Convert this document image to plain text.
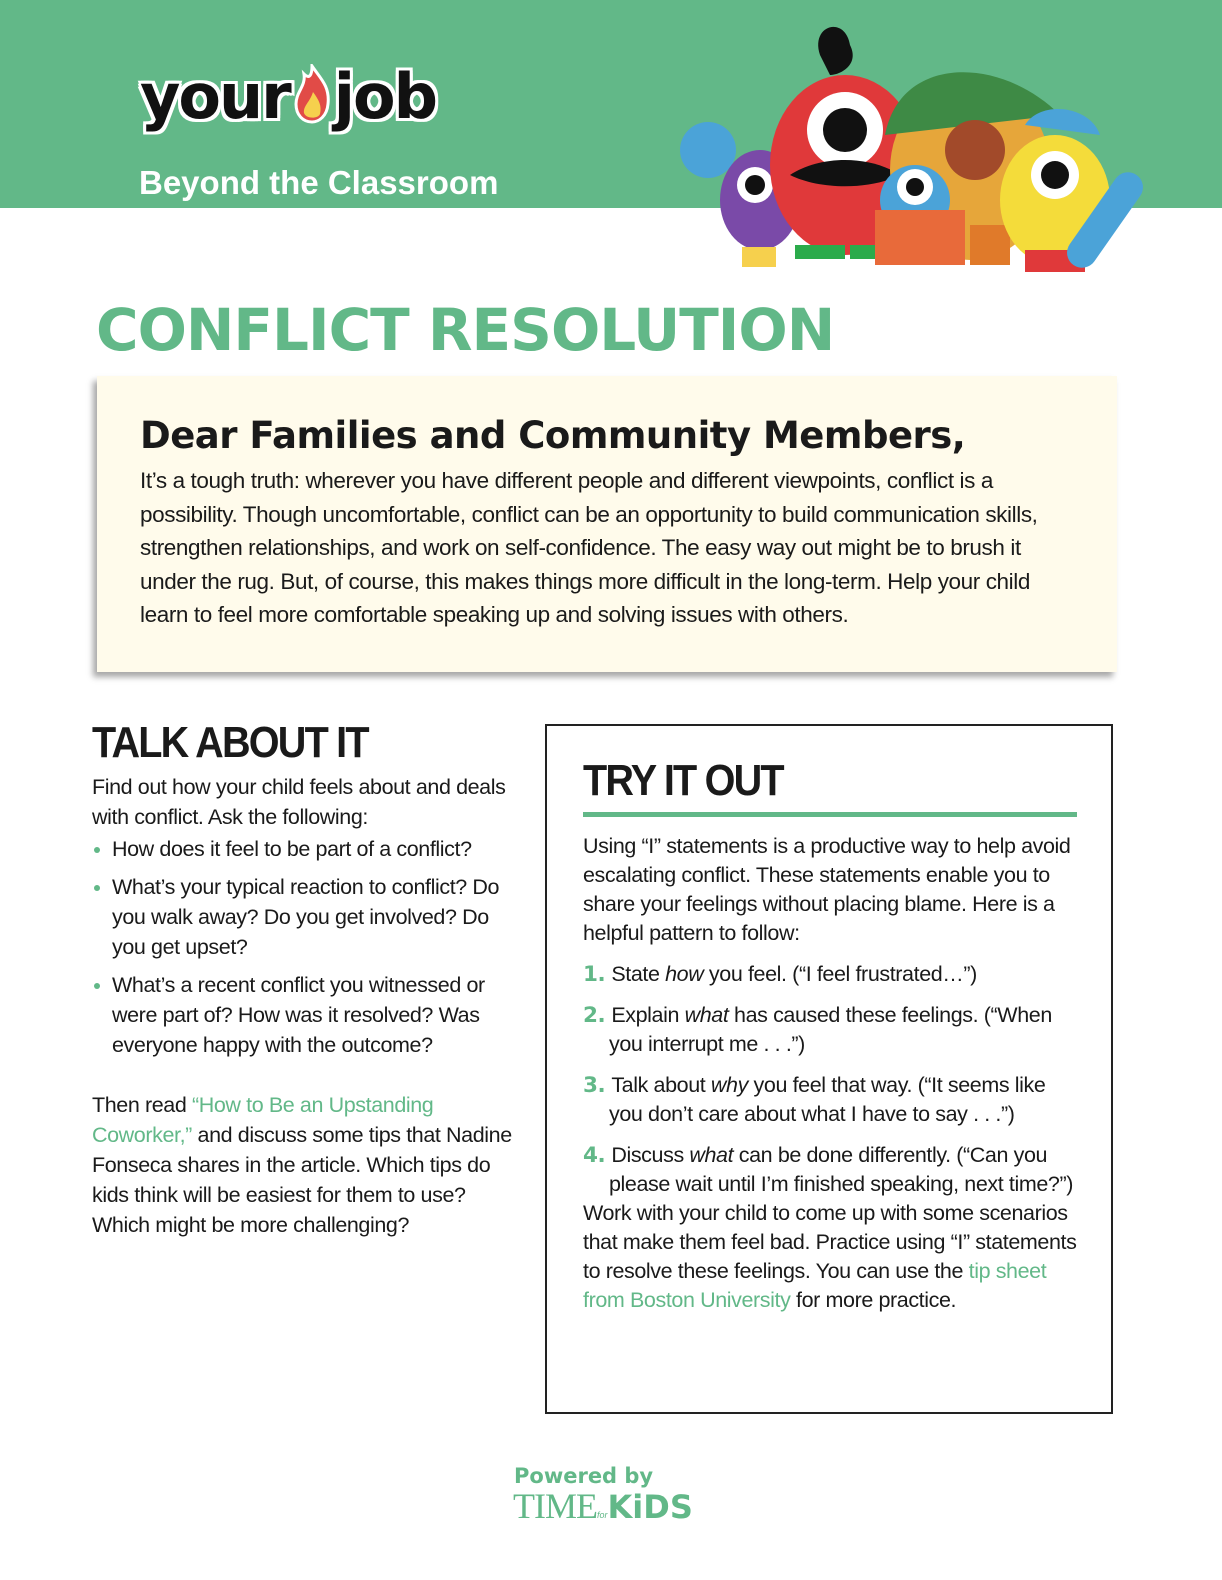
your job
Beyond the Classroom
CONFLICT RESOLUTION
Dear Families and Community Members,

It’s a tough truth: wherever you have different people and different viewpoints, conflict is a possibility. Though uncomfortable, conflict can be an opportunity to build communication skills, strengthen relationships, and work on self-confidence. The easy way out might be to brush it under the rug. But, of course, this makes things more difficult in the long-term. Help your child learn to feel more comfortable speaking up and solving issues with others.

TALK ABOUT IT

Find out how your child feels about and deals with conflict. Ask the following:

How does it feel to be part of a conflict?
What’s your typical reaction to conflict? Do you walk away? Do you get involved? Do you get upset?
What’s a recent conflict you witnessed or were part of? How was it resolved? Was everyone happy with the outcome?

Then read “How to Be an Upstanding Coworker,” and discuss some tips that Nadine Fonseca shares in the article. Which tips do kids think will be easiest for them to use? Which might be more challenging?

TRY IT OUT

Using “I” statements is a productive way to help avoid escalating conflict. These statements enable you to share your feelings without placing blame. Here is a helpful pattern to follow:

1. State how you feel. (“I feel frustrated…”)

2. Explain what has caused these feelings. (“When you interrupt me . . .”)

3. Talk about why you feel that way. (“It seems like you don’t care about what I have to say . . .”)

4. Discuss what can be done differently. (“Can you please wait until I’m finished speaking, next time?”)

Work with your child to come up with some scenarios that make them feel bad. Practice using “I” statements to resolve these feelings. You can use the tip sheet from Boston University for more practice.

Powered by
TIMEforKiDS
